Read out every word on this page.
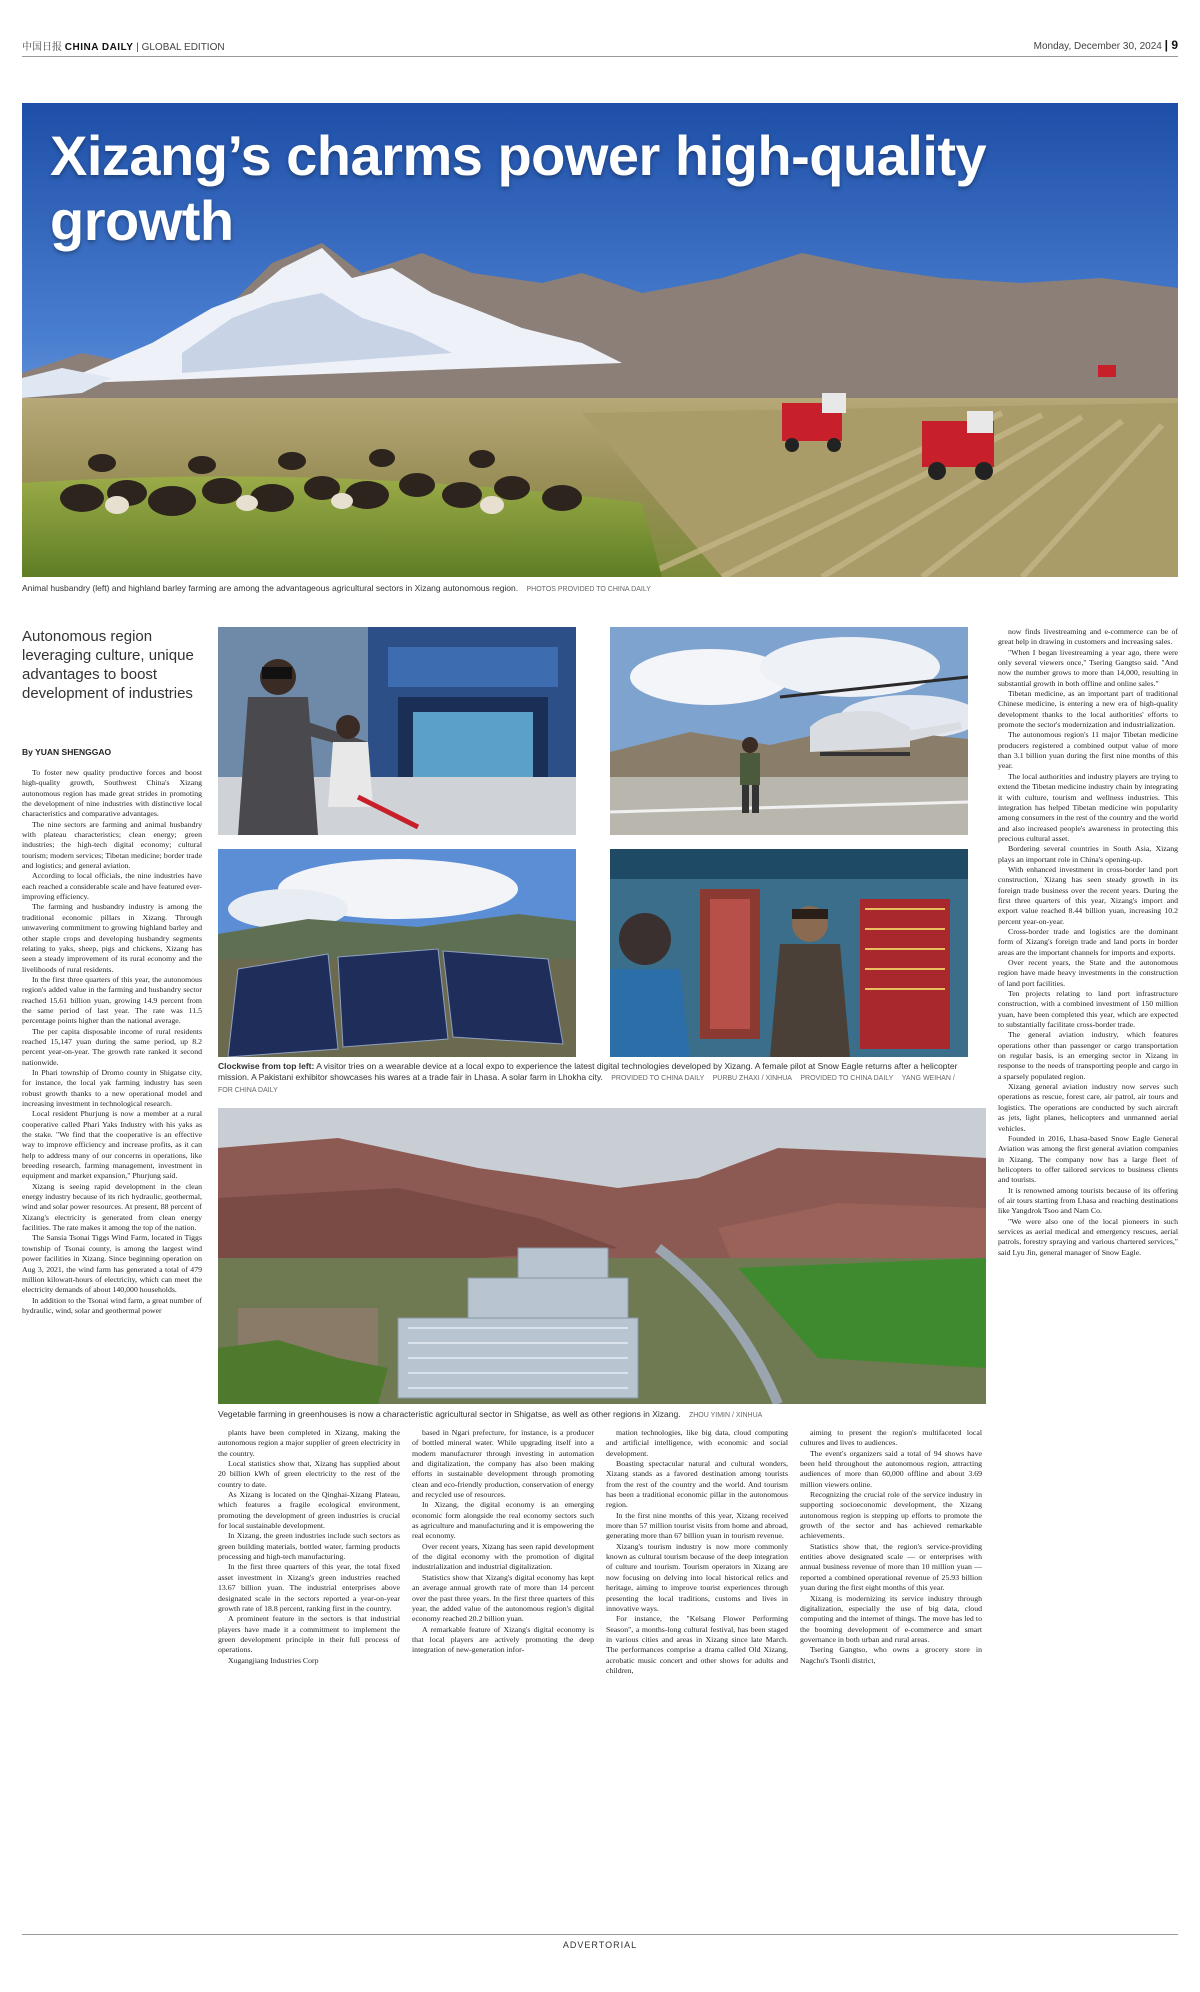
中国日报 CHINA DAILY | GLOBAL EDITION	Monday, December 30, 2024 | 9
Xizang’s charms power high-quality growth
Animal husbandry (left) and highland barley farming are among the advantageous agricultural sectors in Xizang autonomous region. PHOTOS PROVIDED TO CHINA DAILY
Autonomous region leveraging culture, unique advantages to boost development of industries
By YUAN SHENGGAO

To foster new quality productive forces and boost high-quality growth, Southwest China's Xizang autonomous region has made great strides in promoting the development of nine industries with distinctive local characteristics and comparative advantages.

The nine sectors are farming and animal husbandry with plateau characteristics; clean energy; green industries; the high-tech digital economy; cultural tourism; modern services; Tibetan medicine; border trade and logistics; and general aviation.

According to local officials, the nine industries have each reached a considerable scale and have featured ever-improving efficiency.

The farming and husbandry industry is among the traditional economic pillars in Xizang. Through unwavering commitment to growing highland barley and other staple crops and developing husbandry segments relating to yaks, sheep, pigs and chickens, Xizang has seen a steady improvement of its rural economy and the livelihoods of rural residents.

In the first three quarters of this year, the autonomous region's added value in the farming and husbandry sector reached 15.61 billion yuan, growing 14.9 percent from the same period of last year. The rate was 11.5 percentage points higher than the national average.

The per capita disposable income of rural residents reached 15,147 yuan during the same period, up 8.2 percent year-on-year. The growth rate ranked it second nationwide.

In Phari township of Dromo county in Shigatse city, for instance, the local yak farming industry has seen robust growth thanks to a new operational model and increasing investment in technological research.

Local resident Phurjung is now a member at a rural cooperative called Phari Yaks Industry with his yaks as the stake. "We find that the cooperative is an effective way to improve efficiency and increase profits, as it can help to address many of our concerns in operations, like breeding research, farming management, investment in equipment and market expansion," Phurjung said.

Xizang is seeing rapid development in the clean energy industry because of its rich hydraulic, geothermal, wind and solar power resources. At present, 88 percent of Xizang's electricity is generated from clean energy facilities. The rate makes it among the top of the nation.

The Sansia Tsonai Tiggs Wind Farm, located in Tiggs township of Tsonai county, is among the largest wind power facilities in Xizang. Since beginning operation on Aug 3, 2021, the wind farm has generated a total of 479 million kilowatt-hours of electricity, which can meet the electricity demands of about 140,000 households.

In addition to the Tsonai wind farm, a great number of hydraulic, wind, solar and geothermal power

Clockwise from top left: A visitor tries on a wearable device at a local expo to experience the latest digital technologies developed by Xizang. A female pilot at Snow Eagle returns after a helicopter mission. A Pakistani exhibitor showcases his wares at a trade fair in Lhasa. A solar farm in Lhokha city. PROVIDED TO CHINA DAILY PURBU ZHAXI / XINHUA PROVIDED TO CHINA DAILY YANG WEIHAN / FOR CHINA DAILY
Vegetable farming in greenhouses is now a characteristic agricultural sector in Shigatse, as well as other regions in Xizang. ZHOU YIMIN / XINHUA

plants have been completed in Xizang, making the autonomous region a major supplier of green electricity in the country.

Local statistics show that, Xizang has supplied about 20 billion kWh of green electricity to the rest of the country to date.

As Xizang is located on the Qinghai-Xizang Plateau, which features a fragile ecological environment, promoting the development of green industries is crucial for local sustainable development.

In Xizang, the green industries include such sectors as green building materials, bottled water, farming products processing and high-tech manufacturing.

In the first three quarters of this year, the total fixed asset investment in Xizang's green industries reached 13.67 billion yuan. The industrial enterprises above designated scale in the sectors reported a year-on-year growth rate of 18.8 percent, ranking first in the country.

A prominent feature in the sectors is that industrial players have made it a commitment to implement the green development principle in their full process of operations.

Xugangjiang Industries Corp

based in Ngari prefecture, for instance, is a producer of bottled mineral water. While upgrading itself into a modern manufacturer through investing in automation and digitalization, the company has also been making efforts in sustainable development through promoting clean and eco-friendly production, conservation of energy and recycled use of resources.

In Xizang, the digital economy is an emerging economic form alongside the real economy sectors such as agriculture and manufacturing and it is empowering the real economy.

Over recent years, Xizang has seen rapid development of the digital economy with the promotion of digital industrialization and industrial digitalization.

Statistics show that Xizang's digital economy has kept an average annual growth rate of more than 14 percent over the past three years. In the first three quarters of this year, the added value of the autonomous region's digital economy reached 20.2 billion yuan.

A remarkable feature of Xizang's digital economy is that local players are actively promoting the deep integration of new-generation infor-

mation technologies, like big data, cloud computing and artificial intelligence, with economic and social development.

Boasting spectacular natural and cultural wonders, Xizang stands as a favored destination among tourists from the rest of the country and the world. And tourism has been a traditional economic pillar in the autonomous region.

In the first nine months of this year, Xizang received more than 57 million tourist visits from home and abroad, generating more than 67 billion yuan in tourism revenue.

Xizang's tourism industry is now more commonly known as cultural tourism because of the deep integration of culture and tourism. Tourism operators in Xizang are now focusing on delving into local historical relics and heritage, aiming to improve tourist experiences through presenting the local traditions, customs and lives in innovative ways.

For instance, the "Kelsang Flower Performing Season", a months-long cultural festival, has been staged in various cities and areas in Xizang since late March. The performances comprise a drama called Old Xizang, acrobatic music concert and other shows for adults and children,

aiming to present the region's multifaceted local cultures and lives to audiences.

The event's organizers said a total of 94 shows have been held throughout the autonomous region, attracting audiences of more than 60,000 offline and about 3.69 million viewers online.

Recognizing the crucial role of the service industry in supporting socioeconomic development, the Xizang autonomous region is stepping up efforts to promote the growth of the sector and has achieved remarkable achievements.

Statistics show that, the region's service-providing entities above designated scale — or enterprises with annual business revenue of more than 10 million yuan — reported a combined operational revenue of 25.93 billion yuan during the first eight months of this year.

Xizang is modernizing its service industry through digitalization, especially the use of big data, cloud computing and the internet of things. The move has led to the booming development of e-commerce and smart governance in both urban and rural areas.

Tsering Gangtso, who owns a grocery store in Nagchu's Tsonli district,

now finds livestreaming and e-commerce can be of great help in drawing in customers and increasing sales.

"When I began livestreaming a year ago, there were only several viewers once," Tsering Gangtso said. "And now the number grows to more than 14,000, resulting in substantial growth in both offline and online sales."

Tibetan medicine, as an important part of traditional Chinese medicine, is entering a new era of high-quality development thanks to the local authorities' efforts to promote the sector's modernization and industrialization.

The autonomous region's 11 major Tibetan medicine producers registered a combined output value of more than 3.1 billion yuan during the first nine months of this year.

The local authorities and industry players are trying to extend the Tibetan medicine industry chain by integrating it with culture, tourism and wellness industries. This integration has helped Tibetan medicine win popularity among consumers in the rest of the country and the world and also increased people's awareness in protecting this precious cultural asset.

Bordering several countries in South Asia, Xizang plays an important role in China's opening-up.

With enhanced investment in cross-border land port construction, Xizang has seen steady growth in its foreign trade business over the recent years. During the first three quarters of this year, Xizang's import and export value reached 8.44 billion yuan, increasing 10.2 percent year-on-year.

Cross-border trade and logistics are the dominant form of Xizang's foreign trade and land ports in border areas are the important channels for imports and exports.

Over recent years, the State and the autonomous region have made heavy investments in the construction of land port facilities.

Ten projects relating to land port infrastructure construction, with a combined investment of 150 million yuan, have been completed this year, which are expected to substantially facilitate cross-border trade.

The general aviation industry, which features operations other than passenger or cargo transportation on regular basis, is an emerging sector in Xizang in response to the needs of transporting people and cargo in a sparsely populated region.

Xizang general aviation industry now serves such operations as rescue, forest care, air patrol, air tours and logistics. The operations are conducted by such aircraft as jets, light planes, helicopters and unmanned aerial vehicles.

Founded in 2016, Lhasa-based Snow Eagle General Aviation was among the first general aviation companies in Xizang. The company now has a large fleet of helicopters to offer tailored services to business clients and tourists.

It is renowned among tourists because of its offering of air tours starting from Lhasa and reaching destinations like Yangdrok Tsoo and Nam Co.

"We were also one of the local pioneers in such services as aerial medical and emergency rescues, aerial patrols, forestry spraying and various chartered services," said Lyu Jin, general manager of Snow Eagle.

ADVERTORIAL
